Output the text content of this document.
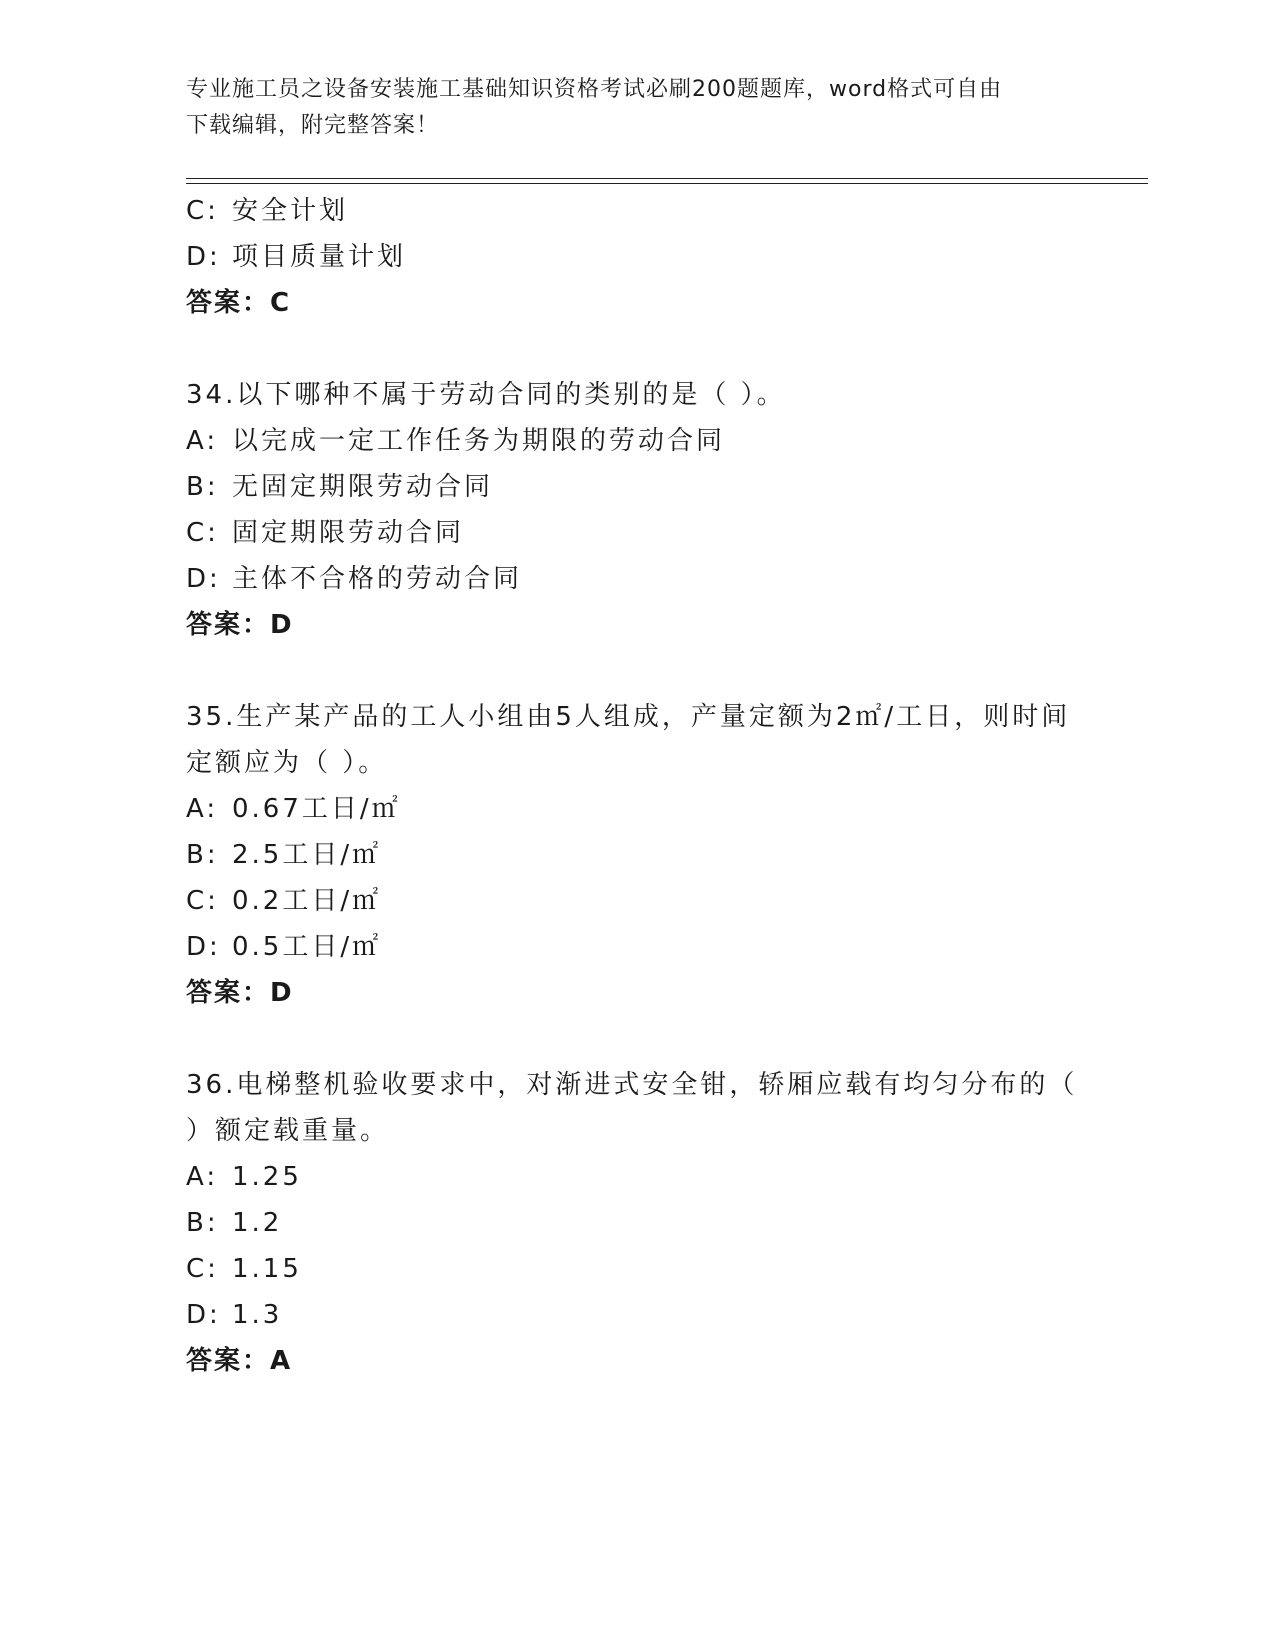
专业施工员之设备安装施工基础知识资格考试必刷200题题库，word格式可自由
下载编辑，附完整答案！
C: 安全计划
D: 项目质量计划
答案：C
34.以下哪种不属于劳动合同的类别的是（ ）。
A: 以完成一定工作任务为期限的劳动合同
B: 无固定期限劳动合同
C: 固定期限劳动合同
D: 主体不合格的劳动合同
答案：D
35.生产某产品的工人小组由5人组成，产量定额为2㎡/工日，则时间
定额应为（ ）。
A: 0.67工日/㎡
B: 2.5工日/㎡
C: 0.2工日/㎡
D: 0.5工日/㎡
答案：D
36.电梯整机验收要求中，对渐进式安全钳，轿厢应载有均匀分布的（
）额定载重量。
A: 1.25
B: 1.2
C: 1.15
D: 1.3
答案：A
